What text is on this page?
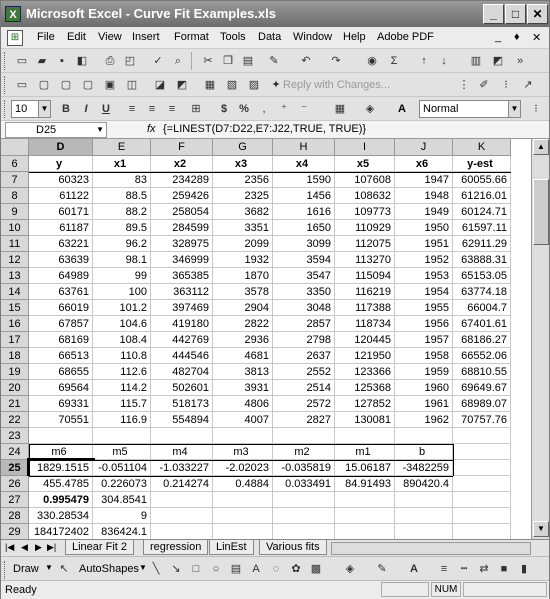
X Microsoft Excel - Curve Fit Examples.xls	_	□	✕
⊞	File Edit View Insert Format Tools Data Window Help Adobe PDF	_ ♦ ✕
▭ ▰	▪	◧	⎙ ◰	✓	⌕	✂ ❐ ▤	✎	↶	↷	◉	Σ	↑	↓	▥	◩	»
▭	▢	▢	▢	▣	◫	◪	◩	▦	▧	▨	✦ Reply with Changes...	⋮ ✐	⁝	↗
10	▼	B	I	U	≡	≡	≡	⊞	$	%	,	⁺	⁻	▦	◈	A	Normal	▼	⁝
D25	▼	fx {=LINEST(D7:D22,E7:J22,TRUE, TRUE)}
D	E	F	G	H	I	J	K
6	y	x1	x2	x3	x4	x5	x6	y-est
7	60323	83	234289	2356	1590	107608	1947	60055.66
8	61122	88.5	259426	2325	1456	108632	1948	61216.01
9	60171	88.2	258054	3682	1616	109773	1949	60124.71
10	61187	89.5	284599	3351	1650	110929	1950	61597.11
11	63221	96.2	328975	2099	3099	112075	1951	62911.29
12	63639	98.1	346999	1932	3594	113270	1952	63888.31
13	64989	99	365385	1870	3547	115094	1953	65153.05
14	63761	100	363112	3578	3350	116219	1954	63774.18
15	66019	101.2	397469	2904	3048	117388	1955	66004.7
16	67857	104.6	419180	2822	2857	118734	1956	67401.61
17	68169	108.4	442769	2936	2798	120445	1957	68186.27
18	66513	110.8	444546	4681	2637	121950	1958	66552.06
19	68655	112.6	482704	3813	2552	123366	1959	68810.55
20	69564	114.2	502601	3931	2514	125368	1960	69649.67
21	69331	115.7	518173	4806	2572	127852	1961	68989.07
22	70551	116.9	554894	4007	2827	130081	1962	70757.76
23
24	m6	m5	m4	m3	m2	m1	b
25	1829.1515 -0.051104	-1.033227	-2.02023	-0.035819	15.06187	-3482259
26	455.4785	0.226073	0.214274	0.4884	0.033491	84.91493	890420.4
27	0.995479	304.8541
28	330.28534	9
29	184172402	836424.1
▲
▼
|◀ ◀ ▶ ▶|	Linear Fit 2	regression	LinEst	Various fits
Draw ▼ ↖ AutoShapes ▼ ╲	↘	□	○	▤	A	◌	✿ ▩	◈	✎	A	≡	┅	⇄	■	▮
Ready	NUM
